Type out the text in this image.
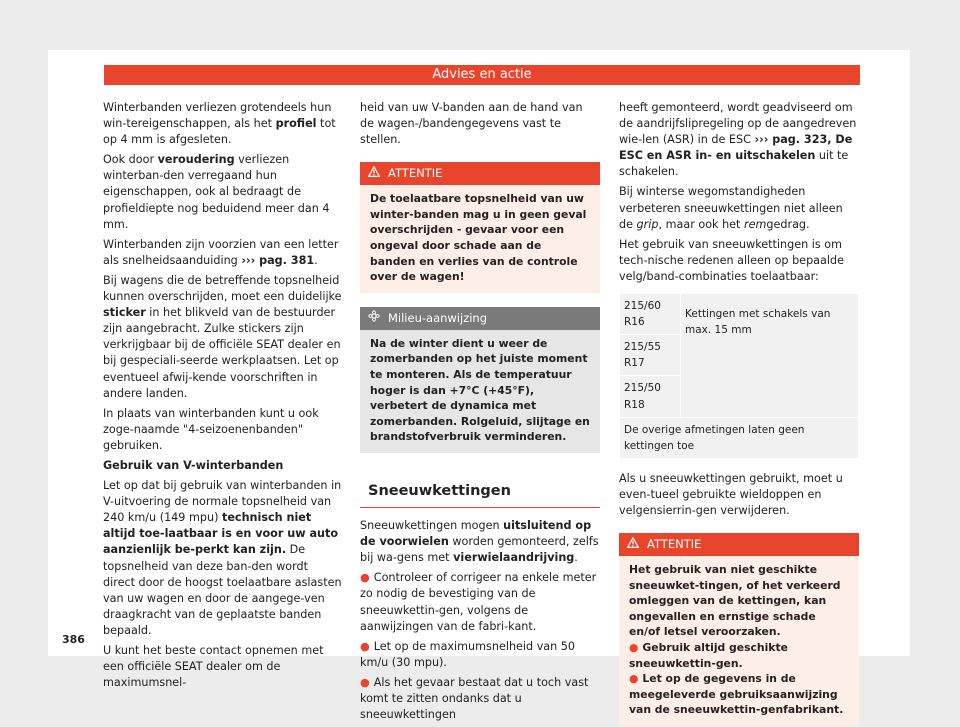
Advies en actie

Winterbanden verliezen grotendeels hun win-tereigenschappen, als het profiel tot op 4 mm is afgesleten.

Ook door veroudering verliezen winterban-den verregaand hun eigenschappen, ook al bedraagt de profieldiepte nog beduidend meer dan 4 mm.

Winterbanden zijn voorzien van een letter als snelheidsaanduiding ››› pag. 381.

Bij wagens die de betreffende topsnelheid kunnen overschrijden, moet een duidelijke sticker in het blikveld van de bestuurder zijn aangebracht. Zulke stickers zijn verkrijgbaar bij de officiële SEAT dealer en bij gespeciali-seerde werkplaatsen. Let op eventueel afwij-kende voorschriften in andere landen.

In plaats van winterbanden kunt u ook zoge-naamde "4-seizoenenbanden" gebruiken.

Gebruik van V-winterbanden

Let op dat bij gebruik van winterbanden in V-uitvoering de normale topsnelheid van 240 km/u (149 mpu) technisch niet altijd toe-laatbaar is en voor uw auto aanzienlijk be-perkt kan zijn. De topsnelheid van deze ban-den wordt direct door de hoogst toelaatbare aslasten van uw wagen en door de aangege-ven draagkracht van de geplaatste banden bepaald.

U kunt het beste contact opnemen met een officiële SEAT dealer om de maximumsnel-

heid van uw V-banden aan de hand van de wagen-/bandengegevens vast te stellen.

ATTENTIE
De toelaatbare topsnelheid van uw winter-banden mag u in geen geval overschrijden - gevaar voor een ongeval door schade aan de banden en verlies van de controle over de wagen!
Milieu-aanwijzing
Na de winter dient u weer de zomerbanden op het juiste moment te monteren. Als de temperatuur hoger is dan +7°C (+45°F), verbetert de dynamica met zomerbanden. Rolgeluid, slijtage en brandstofverbruik verminderen.
Sneeuwkettingen

Sneeuwkettingen mogen uitsluitend op de voorwielen worden gemonteerd, zelfs bij wa-gens met vierwielaandrijving.

● Controleer of corrigeer na enkele meter zo nodig de bevestiging van de sneeuwkettin-gen, volgens de aanwijzingen van de fabri-kant.

● Let op de maximumsnelheid van 50 km/u (30 mpu).

● Als het gevaar bestaat dat u toch vast komt te zitten ondanks dat u sneeuwkettingen

heeft gemonteerd, wordt geadviseerd om de aandrijfslipregeling op de aangedreven wie-len (ASR) in de ESC ››› pag. 323, De ESC en ASR in- en uitschakelen uit te schakelen.

Bij winterse wegomstandigheden verbeteren sneeuwkettingen niet alleen de grip, maar ook het remgedrag.

Het gebruik van sneeuwkettingen is om tech-nische redenen alleen op bepaalde velg/band-combinaties toelaatbaar:

215/60 R16	Kettingen met schakels van max. 15 mm
215/55 R17
215/50 R18
De overige afmetingen laten geen kettingen toe

Als u sneeuwkettingen gebruikt, moet u even-tueel gebruikte wieldoppen en velgensierrin-gen verwijderen.

ATTENTIE
Het gebruik van niet geschikte sneeuwket-tingen, of het verkeerd omleggen van de kettingen, kan ongevallen en ernstige schade en/of letsel veroorzaken.
● Gebruik altijd geschikte sneeuwkettin-gen.
● Let op de gegevens in de meegeleverde gebruiksaanwijzing van de sneeuwkettin-genfabrikant.
386
